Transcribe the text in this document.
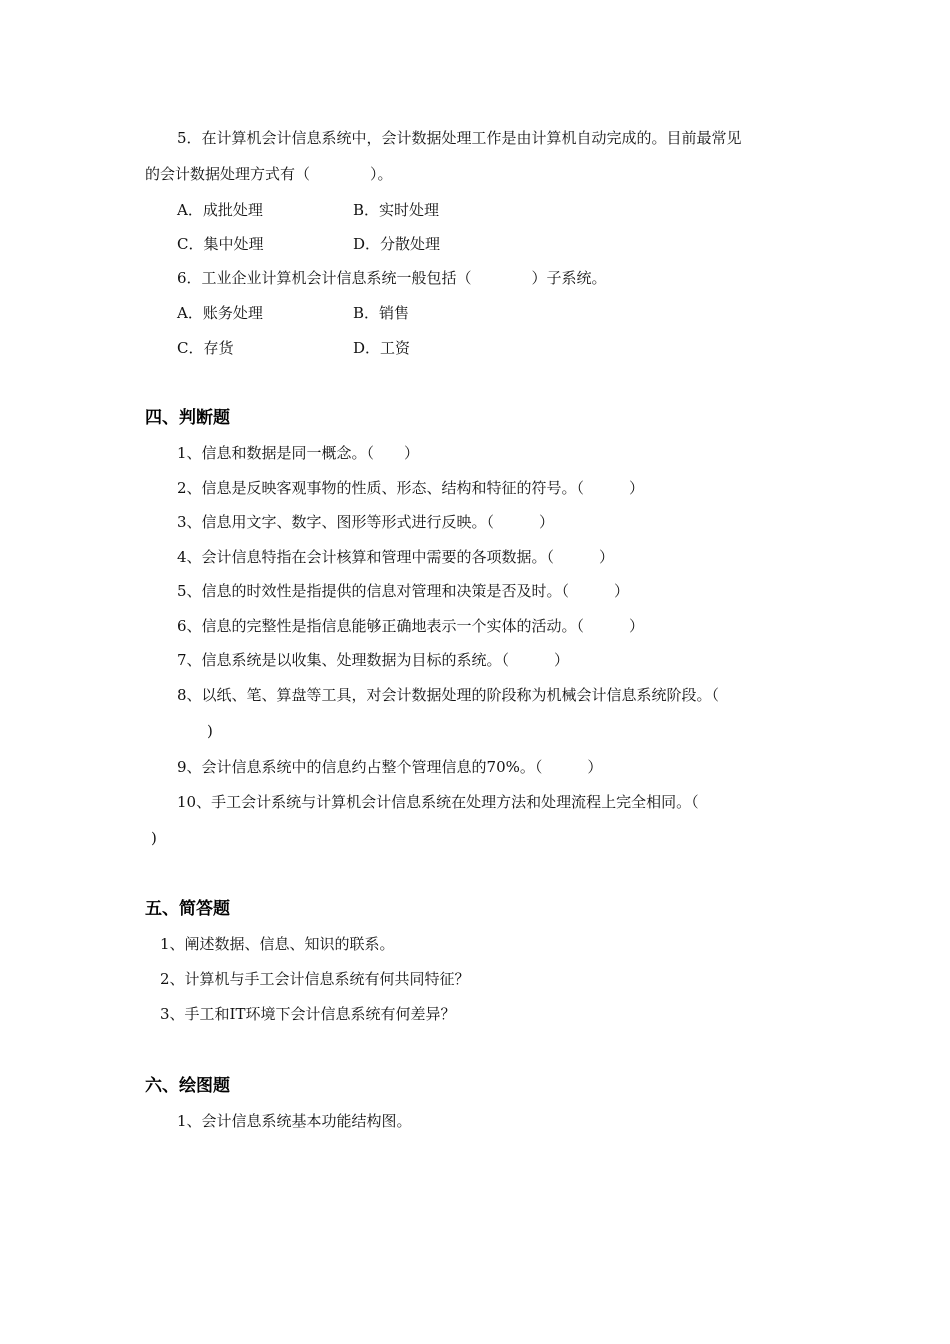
5．在计算机会计信息系统中，会计数据处理工作是由计算机自动完成的。目前最常见
的会计数据处理方式有（　　　　）。
A．成批处理	B．实时处理
C．集中处理	D．分散处理
6．工业企业计算机会计信息系统一般包括（　　　　）子系统。
A．账务处理	B．销售
C．存货	D．工资
四、判断题
1、信息和数据是同一概念。（　　）
2、信息是反映客观事物的性质、形态、结构和特征的符号。（　　　）
3、信息用文字、数字、图形等形式进行反映。（　　　）
4、会计信息特指在会计核算和管理中需要的各项数据。（　　　）
5、信息的时效性是指提供的信息对管理和决策是否及时。（　　　）
6、信息的完整性是指信息能够正确地表示一个实体的活动。（　　　）
7、信息系统是以收集、处理数据为目标的系统。（　　　）
8、以纸、笔、算盘等工具，对会计数据处理的阶段称为机械会计信息系统阶段。（
)
9、会计信息系统中的信息约占整个管理信息的70%。（　　　）
10、手工会计系统与计算机会计信息系统在处理方法和处理流程上完全相同。（
)
五、简答题
1、阐述数据、信息、知识的联系。
2、计算机与手工会计信息系统有何共同特征？
3、手工和IT环境下会计信息系统有何差异？
六、绘图题
1、会计信息系统基本功能结构图。
